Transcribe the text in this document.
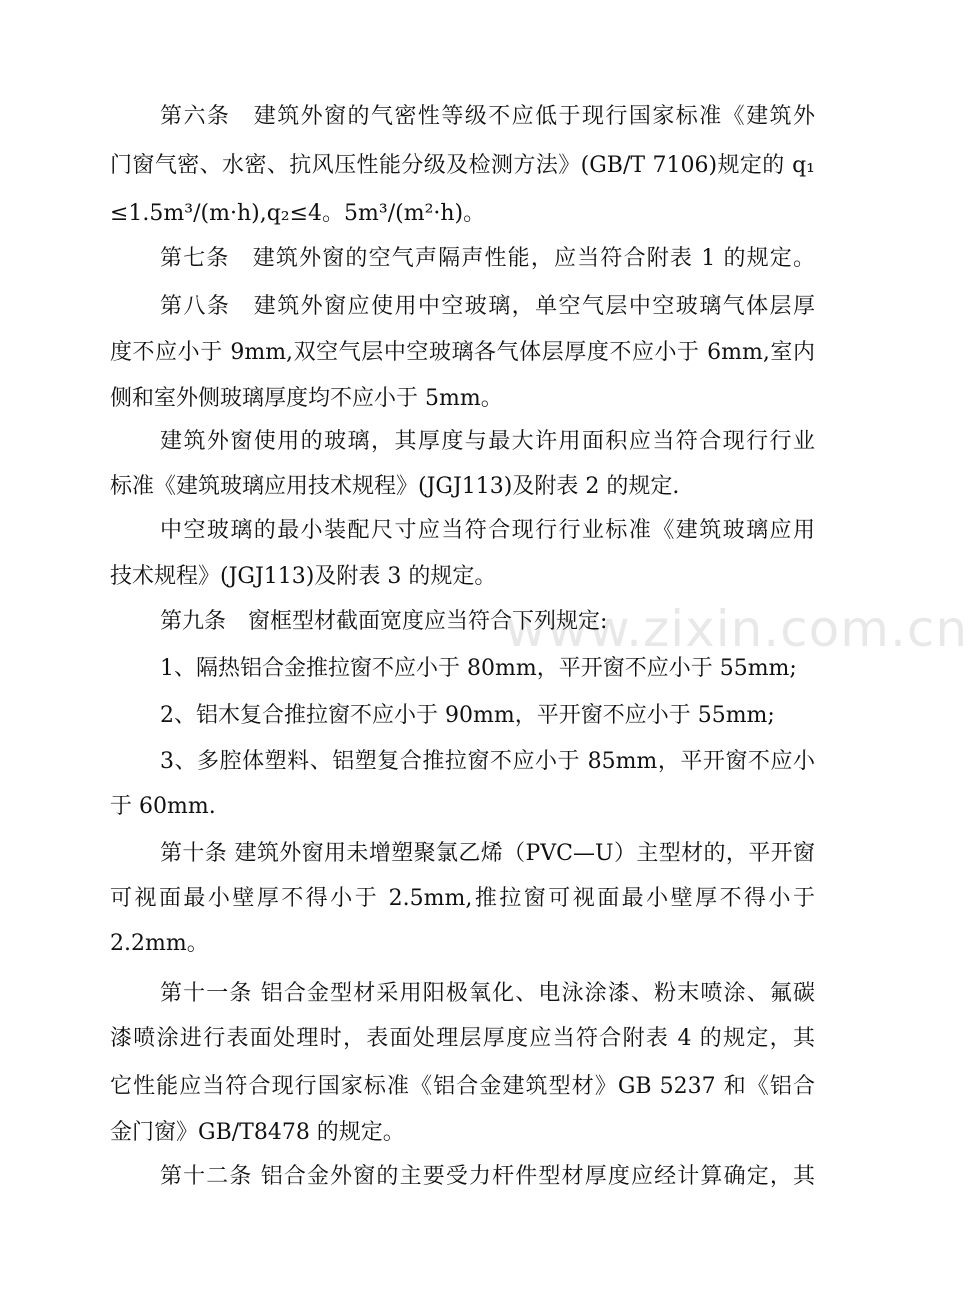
第六条　建筑外窗的气密性等级不应低于现行国家标准《建筑外
门窗气密、水密、抗风压性能分级及检测方法》(GB/T 7106)规定的 q₁
≤1.5m³/(m·h),q₂≤4。5m³/(m²·h)。
第七条　建筑外窗的空气声隔声性能，应当符合附表 1 的规定。
第八条　建筑外窗应使用中空玻璃，单空气层中空玻璃气体层厚
度不应小于 9mm,双空气层中空玻璃各气体层厚度不应小于 6mm,室内
侧和室外侧玻璃厚度均不应小于 5mm。
建筑外窗使用的玻璃，其厚度与最大许用面积应当符合现行行业
标准《建筑玻璃应用技术规程》(JGJ113)及附表 2 的规定.
中空玻璃的最小装配尺寸应当符合现行行业标准《建筑玻璃应用
技术规程》(JGJ113)及附表 3 的规定。
第九条　窗框型材截面宽度应当符合下列规定:
1、隔热铝合金推拉窗不应小于 80mm，平开窗不应小于 55mm;
2、铝木复合推拉窗不应小于 90mm，平开窗不应小于 55mm;
3、多腔体塑料、铝塑复合推拉窗不应小于 85mm，平开窗不应小
于 60mm.
第十条 建筑外窗用未增塑聚氯乙烯（PVC—U）主型材的，平开窗
可视面最小壁厚不得小于 2.5mm,推拉窗可视面最小壁厚不得小于
2.2mm。
第十一条 铝合金型材采用阳极氧化、电泳涂漆、粉末喷涂、氟碳
漆喷涂进行表面处理时，表面处理层厚度应当符合附表 4 的规定，其
它性能应当符合现行国家标准《铝合金建筑型材》GB 5237 和《铝合
金门窗》GB/T8478 的规定。
第十二条 铝合金外窗的主要受力杆件型材厚度应经计算确定，其
www.zixin.com.cn
